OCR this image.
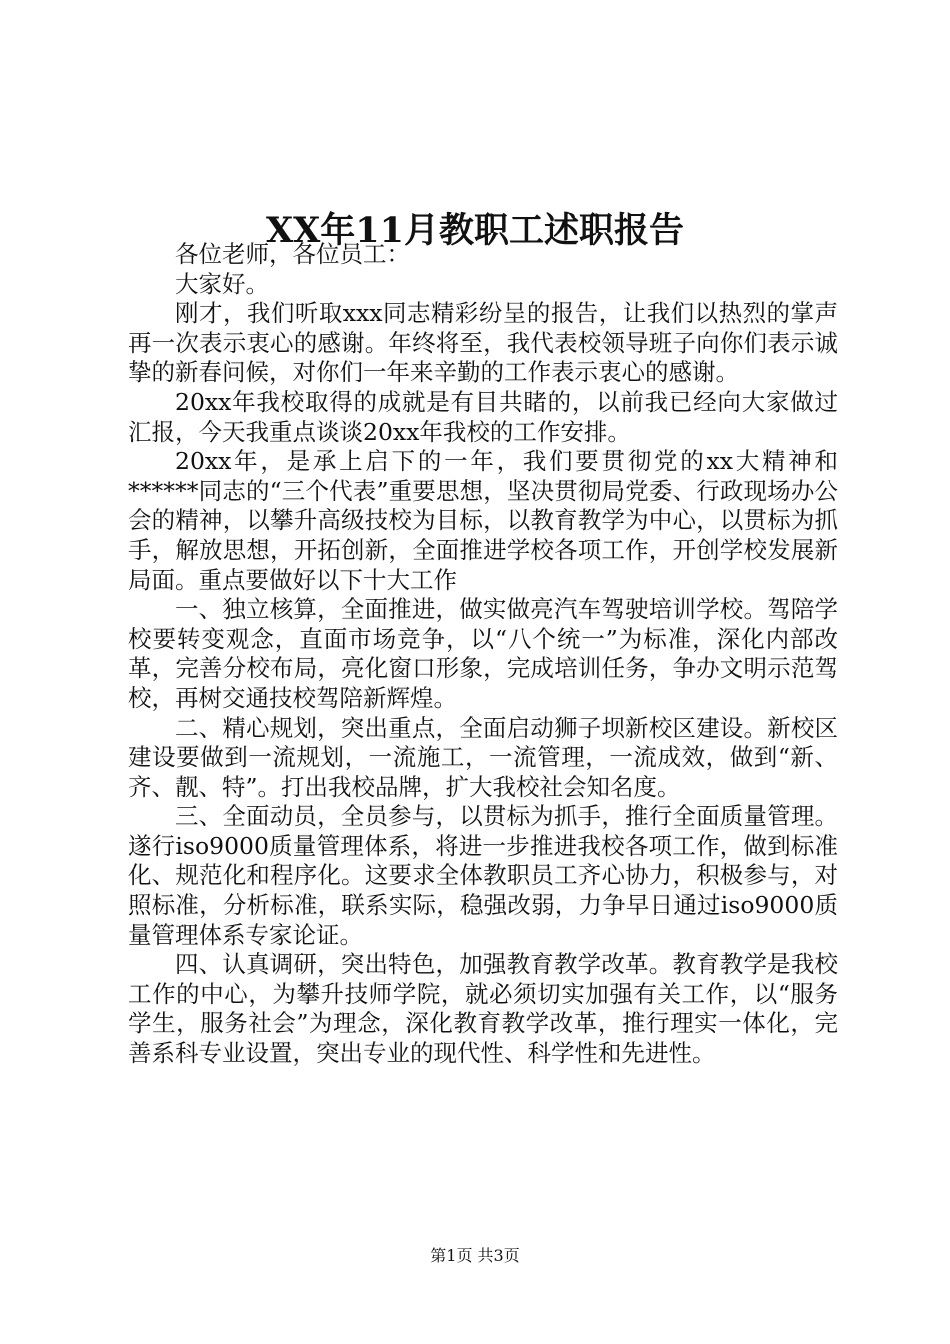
XX年11月教职工述职报告

各位老师，各位员工：

大家好。

刚才，我们听取xxx同志精彩纷呈的报告，让我们以热烈的掌声再一次表示衷心的感谢。年终将至，我代表校领导班子向你们表示诚挚的新春问候，对你们一年来辛勤的工作表示衷心的感谢。

20xx年我校取得的成就是有目共睹的，以前我已经向大家做过汇报，今天我重点谈谈20xx年我校的工作安排。

20xx年，是承上启下的一年，我们要贯彻党的xx大精神和******同志的“三个代表”重要思想，坚决贯彻局党委、行政现场办公会的精神，以攀升高级技校为目标，以教育教学为中心，以贯标为抓手，解放思想，开拓创新，全面推进学校各项工作，开创学校发展新局面。重点要做好以下十大工作

一、独立核算，全面推进，做实做亮汽车驾驶培训学校。驾陪学校要转变观念，直面市场竞争，以“八个统一”为标准，深化内部改革，完善分校布局，亮化窗口形象，完成培训任务，争办文明示范驾校，再树交通技校驾陪新辉煌。

二、精心规划，突出重点，全面启动狮子坝新校区建设。新校区建设要做到一流规划，一流施工，一流管理，一流成效，做到“新、齐、靓、特”。打出我校品牌，扩大我校社会知名度。

三、全面动员，全员参与，以贯标为抓手，推行全面质量管理。遂行iso9000质量管理体系，将进一步推进我校各项工作，做到标准化、规范化和程序化。这要求全体教职员工齐心协力，积极参与，对照标准，分析标准，联系实际，稳强改弱，力争早日通过iso9000质量管理体系专家论证。

四、认真调研，突出特色，加强教育教学改革。教育教学是我校工作的中心，为攀升技师学院，就必须切实加强有关工作，以“服务学生，服务社会”为理念，深化教育教学改革，推行理实一体化，完善系科专业设置，突出专业的现代性、科学性和先进性。

第1页 共3页
